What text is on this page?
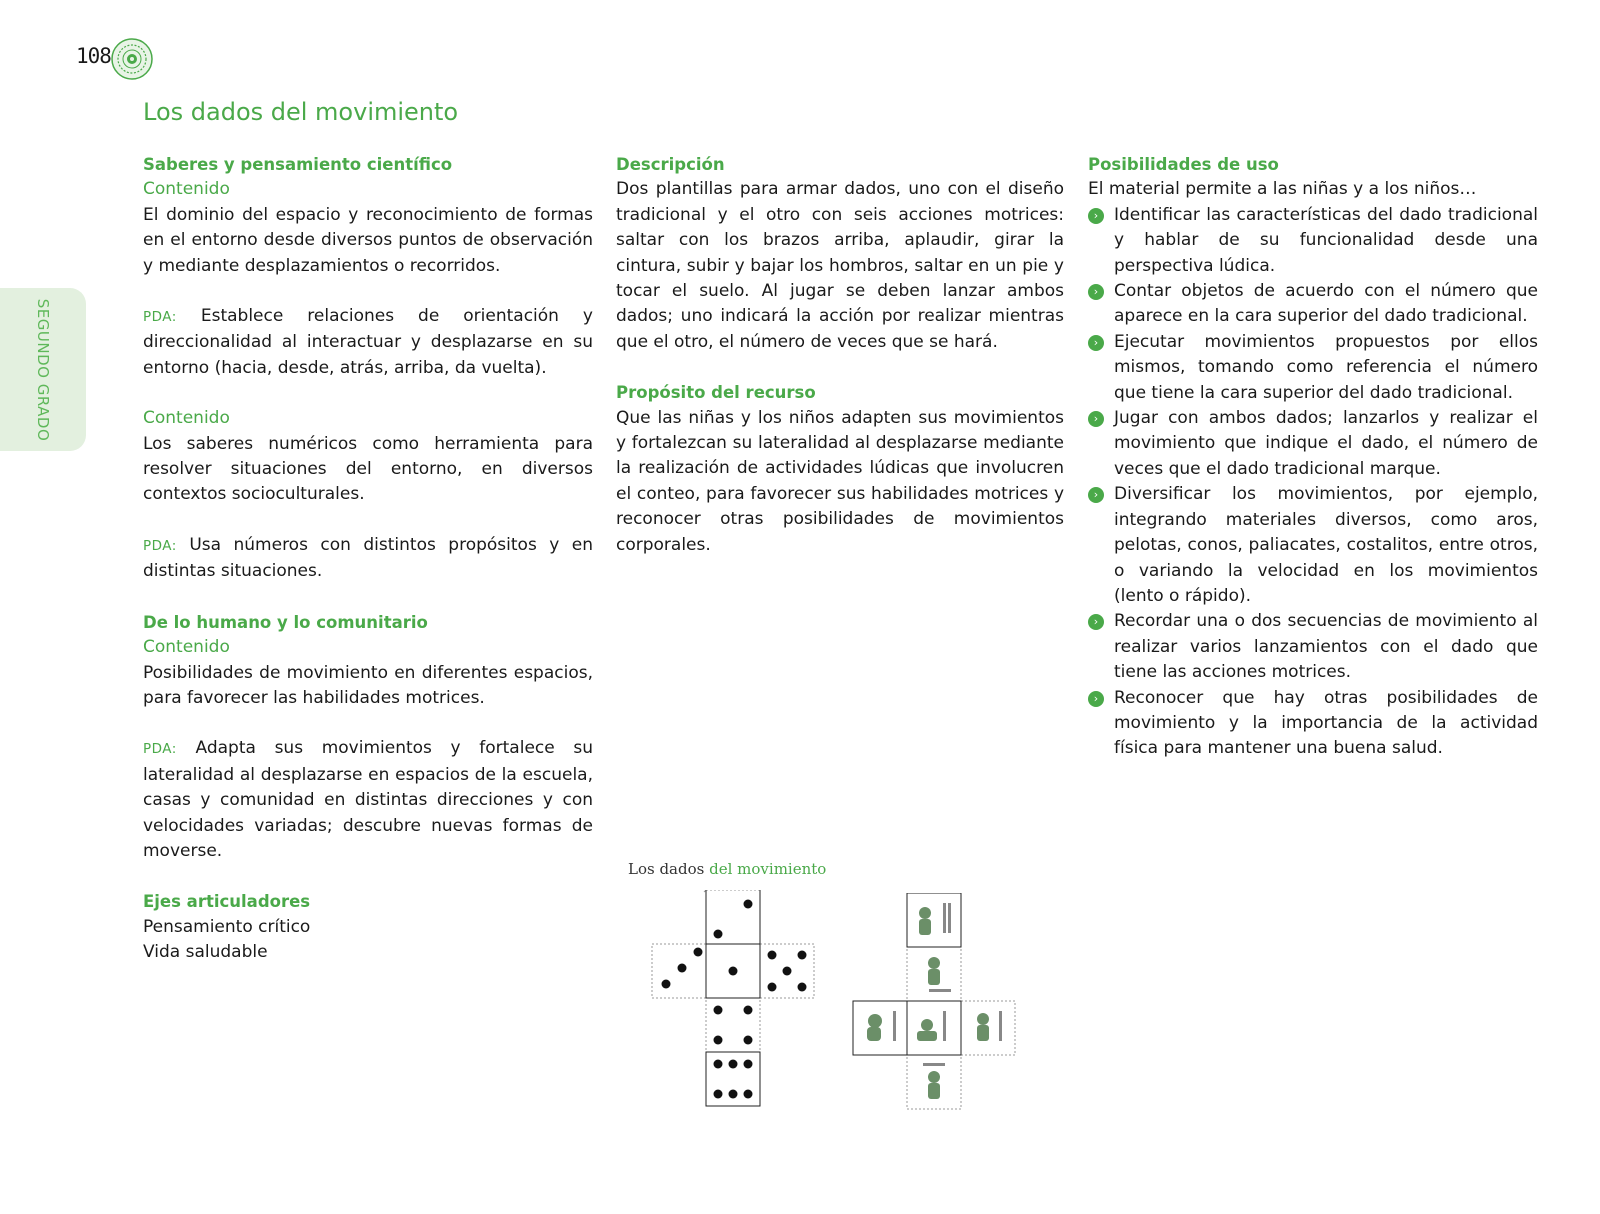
108
SEGUNDO GRADO
Los dados del movimiento
Saberes y pensamiento científico
Contenido

El dominio del espacio y reconocimiento de formas en el entorno desde diversos puntos de observación y mediante desplazamientos o recorridos.

PDA: Establece relaciones de orientación y direccionalidad al interactuar y desplazarse en su entorno (hacia, desde, atrás, arriba, da vuelta).

Contenido

Los saberes numéricos como herramienta para resolver situaciones del entorno, en diversos contextos socioculturales.

PDA: Usa números con distintos propósitos y en distintas situaciones.

De lo humano y lo comunitario
Contenido

Posibilidades de movimiento en diferentes espacios, para favorecer las habilidades motrices.

PDA: Adapta sus movimientos y fortalece su lateralidad al desplazarse en espacios de la escuela, casas y comunidad en distintas direcciones y con velocidades variadas; descubre nuevas formas de moverse.

Ejes articuladores
Pensamiento crítico
Vida saludable
Descripción

Dos plantillas para armar dados, uno con el diseño tradicional y el otro con seis acciones motrices: saltar con los brazos arriba, aplaudir, girar la cintura, subir y bajar los hombros, saltar en un pie y tocar el suelo. Al jugar se deben lanzar ambos dados; uno indicará la acción por realizar mientras que el otro, el número de veces que se hará.

Propósito del recurso

Que las niñas y los niños adapten sus movimientos y fortalezcan su lateralidad al desplazarse mediante la realización de actividades lúdicas que involucren el conteo, para favorecer sus habilidades motrices y reconocer otras posibilidades de movimientos corporales.

Posibilidades de uso
El material permite a las niñas y a los niños…
› Identificar las características del dado tradicional y hablar de su funcionalidad desde una perspectiva lúdica.
› Contar objetos de acuerdo con el número que aparece en la cara superior del dado tradicional.
› Ejecutar movimientos propuestos por ellos mismos, tomando como referencia el número que tiene la cara superior del dado tradicional.
› Jugar con ambos dados; lanzarlos y realizar el movimiento que indique el dado, el número de veces que el dado tradicional marque.
› Diversificar los movimientos, por ejemplo, integrando materiales diversos, como aros, pelotas, conos, paliacates, costalitos, entre otros, o variando la velocidad en los movimientos (lento o rápido).
› Recordar una o dos secuencias de movimiento al realizar varios lanzamientos con el dado que tiene las acciones motrices.
› Reconocer que hay otras posibilidades de movimiento y la importancia de la actividad física para mantener una buena salud.
Los dados del movimiento
